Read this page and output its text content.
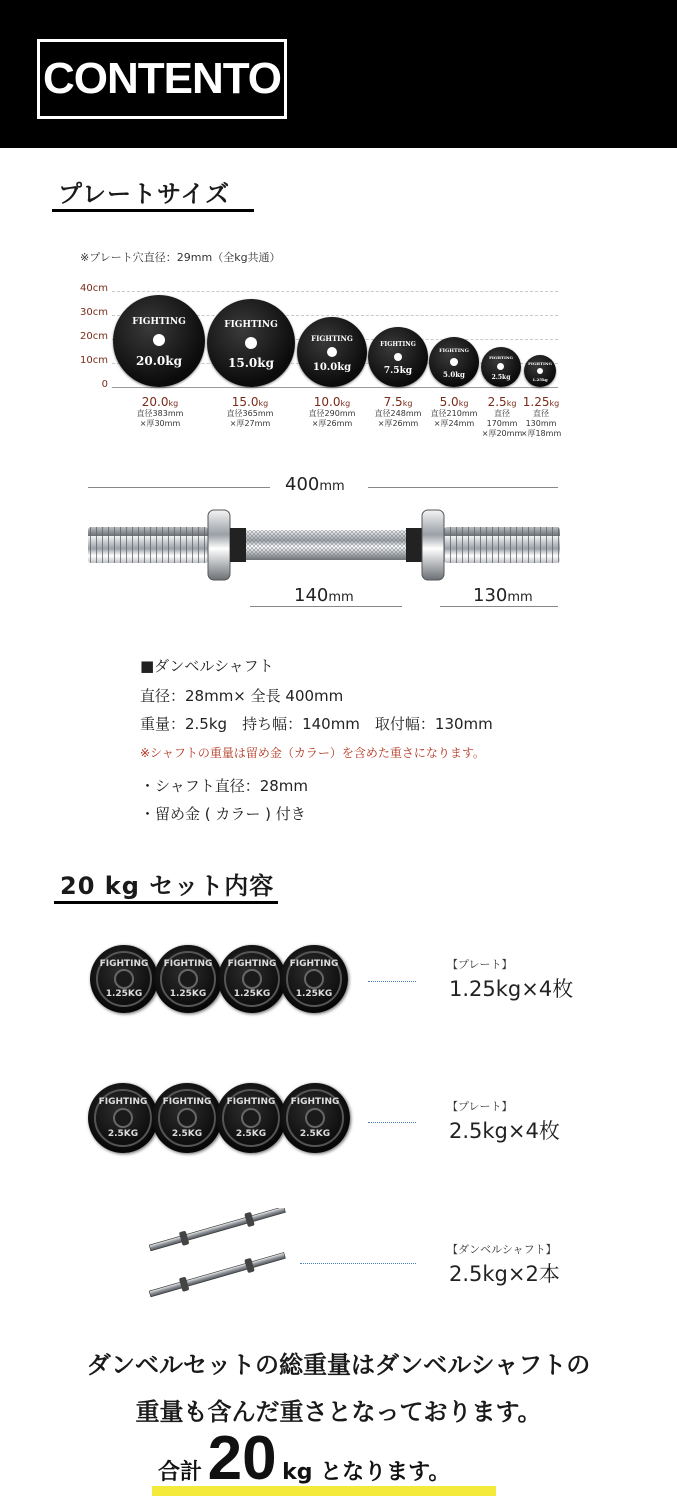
CONTENTO
プレートサイズ
※プレート穴直径：29mm（全kg共通）
40cm
30cm
20cm
10cm
0
FIGHTING
20.0kg
FIGHTING
15.0kg
FIGHTING
10.0kg
FIGHTING
7.5kg
FIGHTING
5.0kg
FIGHTING
2.5kg
FIGHTING
1.25kg
20.0kg
直径383mm
×厚30mm
15.0kg
直径365mm
×厚27mm
10.0kg
直径290mm
×厚26mm
7.5kg
直径248mm
×厚26mm
5.0kg
直径210mm
×厚24mm
2.5kg
直径170mm
×厚20mm
1.25kg
直径130mm
×厚18mm
400mm
140mm	130mm
■ダンベルシャフト
直径：28mm× 全長 400mm
重量：2.5kg　持ち幅：140mm　取付幅：130mm
※シャフトの重量は留め金（カラー）を含めた重さになります。
・シャフト直径：28mm
・留め金 ( カラー ) 付き
20 kg セット内容
FIGHTING
1.25KG
FIGHTING
1.25KG
FIGHTING
1.25KG
FIGHTING
1.25KG
【プレート】
1.25kg×4枚
FIGHTING
2.5KG
FIGHTING
2.5KG
FIGHTING
2.5KG
FIGHTING
2.5KG
【プレート】
2.5kg×4枚
【ダンベルシャフト】
2.5kg×2本
ダンベルセットの総重量はダンベルシャフトの
重量も含んだ重さとなっております。
合計 20 kg となります。
